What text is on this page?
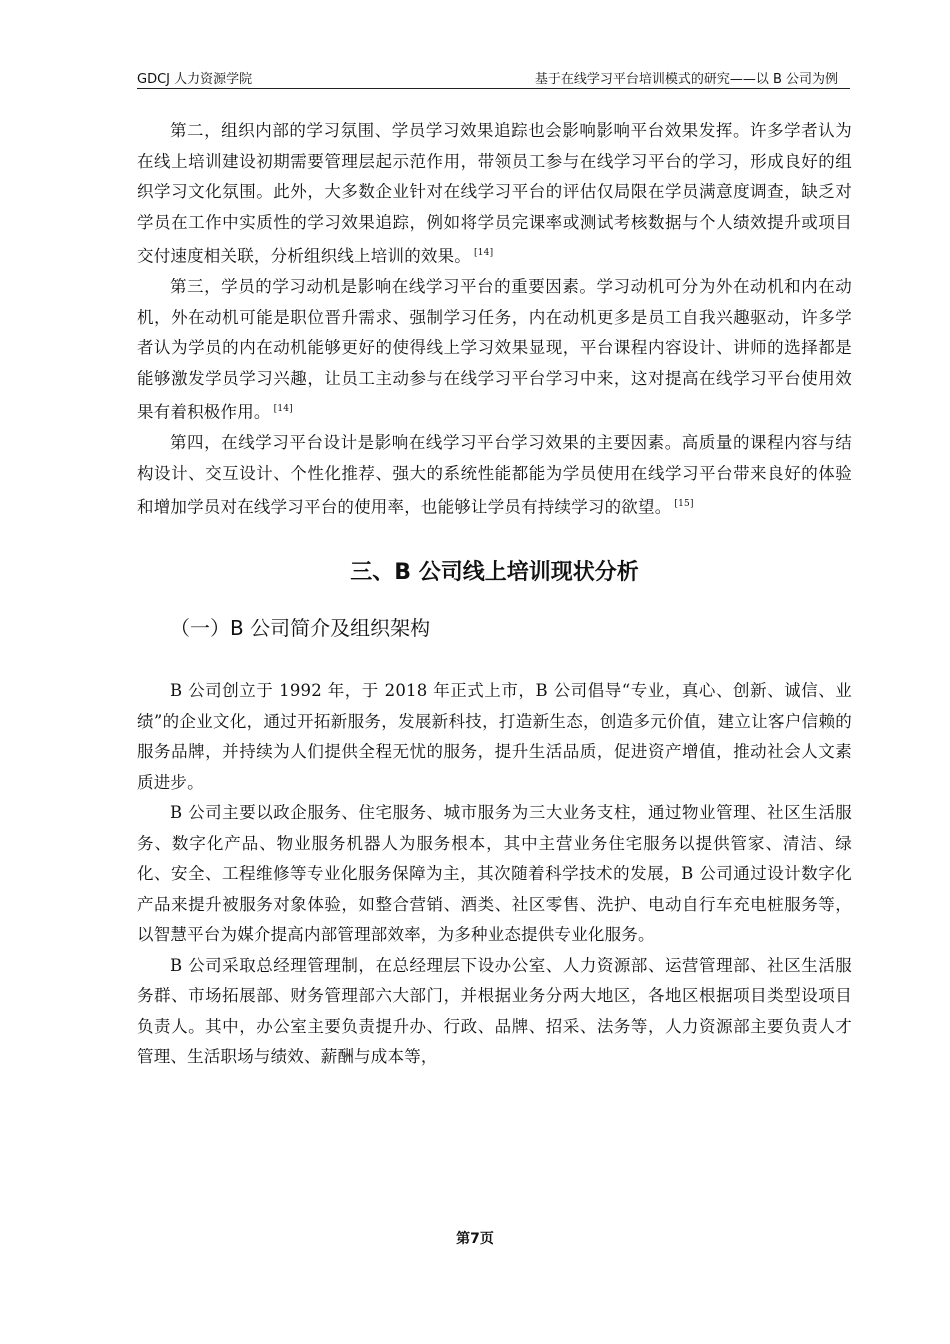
GDCJ 人力资源学院	基于在线学习平台培训模式的研究——以 B 公司为例

第二，组织内部的学习氛围、学员学习效果追踪也会影响影响平台效果发挥。许多学者认为在线上培训建设初期需要管理层起示范作用，带领员工参与在线学习平台的学习，形成良好的组织学习文化氛围。此外，大多数企业针对在线学习平台的评估仅局限在学员满意度调查，缺乏对学员在工作中实质性的学习效果追踪，例如将学员完课率或测试考核数据与个人绩效提升或项目交付速度相关联，分析组织线上培训的效果。 [14]

第三，学员的学习动机是影响在线学习平台的重要因素。学习动机可分为外在动机和内在动机，外在动机可能是职位晋升需求、强制学习任务，内在动机更多是员工自我兴趣驱动，许多学者认为学员的内在动机能够更好的使得线上学习效果显现，平台课程内容设计、讲师的选择都是能够激发学员学习兴趣，让员工主动参与在线学习平台学习中来，这对提高在线学习平台使用效果有着积极作用。 [14]

第四，在线学习平台设计是影响在线学习平台学习效果的主要因素。高质量的课程内容与结构设计、交互设计、个性化推荐、强大的系统性能都能为学员使用在线学习平台带来良好的体验和增加学员对在线学习平台的使用率，也能够让学员有持续学习的欲望。 [15]

三、B 公司线上培训现状分析
（一）B 公司简介及组织架构

B 公司创立于 1992 年，于 2018 年正式上市，B 公司倡导“专业，真心、创新、诚信、业绩”的企业文化，通过开拓新服务，发展新科技，打造新生态，创造多元价值，建立让客户信赖的服务品牌，并持续为人们提供全程无忧的服务，提升生活品质，促进资产增值，推动社会人文素质进步。

B 公司主要以政企服务、住宅服务、城市服务为三大业务支柱，通过物业管理、社区生活服务、数字化产品、物业服务机器人为服务根本，其中主营业务住宅服务以提供管家、清洁、绿化、安全、工程维修等专业化服务保障为主，其次随着科学技术的发展，B 公司通过设计数字化产品来提升被服务对象体验，如整合营销、酒类、社区零售、洗护、电动自行车充电桩服务等，以智慧平台为媒介提高内部管理部效率，为多种业态提供专业化服务。

B 公司采取总经理管理制，在总经理层下设办公室、人力资源部、运营管理部、社区生活服务群、市场拓展部、财务管理部六大部门，并根据业务分两大地区，各地区根据项目类型设项目负责人。其中，办公室主要负责提升办、行政、品牌、招采、法务等，人力资源部主要负责人才管理、生活职场与绩效、薪酬与成本等，

第7页
